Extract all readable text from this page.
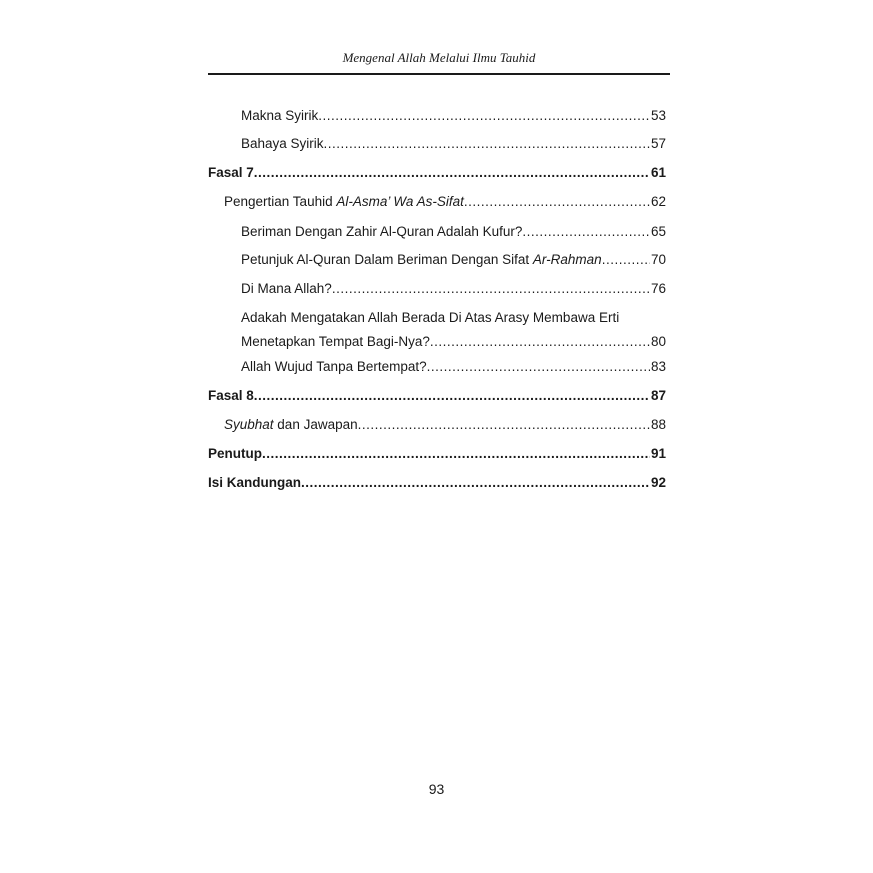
Mengenal Allah Melalui Ilmu Tauhid
Makna Syirik .....	53
Bahaya Syirik .....	57
Fasal 7 .....	61
Pengertian Tauhid Al-Asma’ Wa As-Sifat .....	62
Beriman Dengan Zahir Al-Quran Adalah Kufur? .....	65
Petunjuk Al-Quran Dalam Beriman Dengan Sifat Ar-Rahman .....	70
Di Mana Allah? .....	76
Adakah Mengatakan Allah Berada Di Atas Arasy Membawa Erti
Menetapkan Tempat Bagi-Nya? .....	80
Allah Wujud Tanpa Bertempat? .....	83
Fasal 8 .....	87
Syubhat dan Jawapan .....	88
Penutup .....	91
Isi Kandungan .....	92
93
